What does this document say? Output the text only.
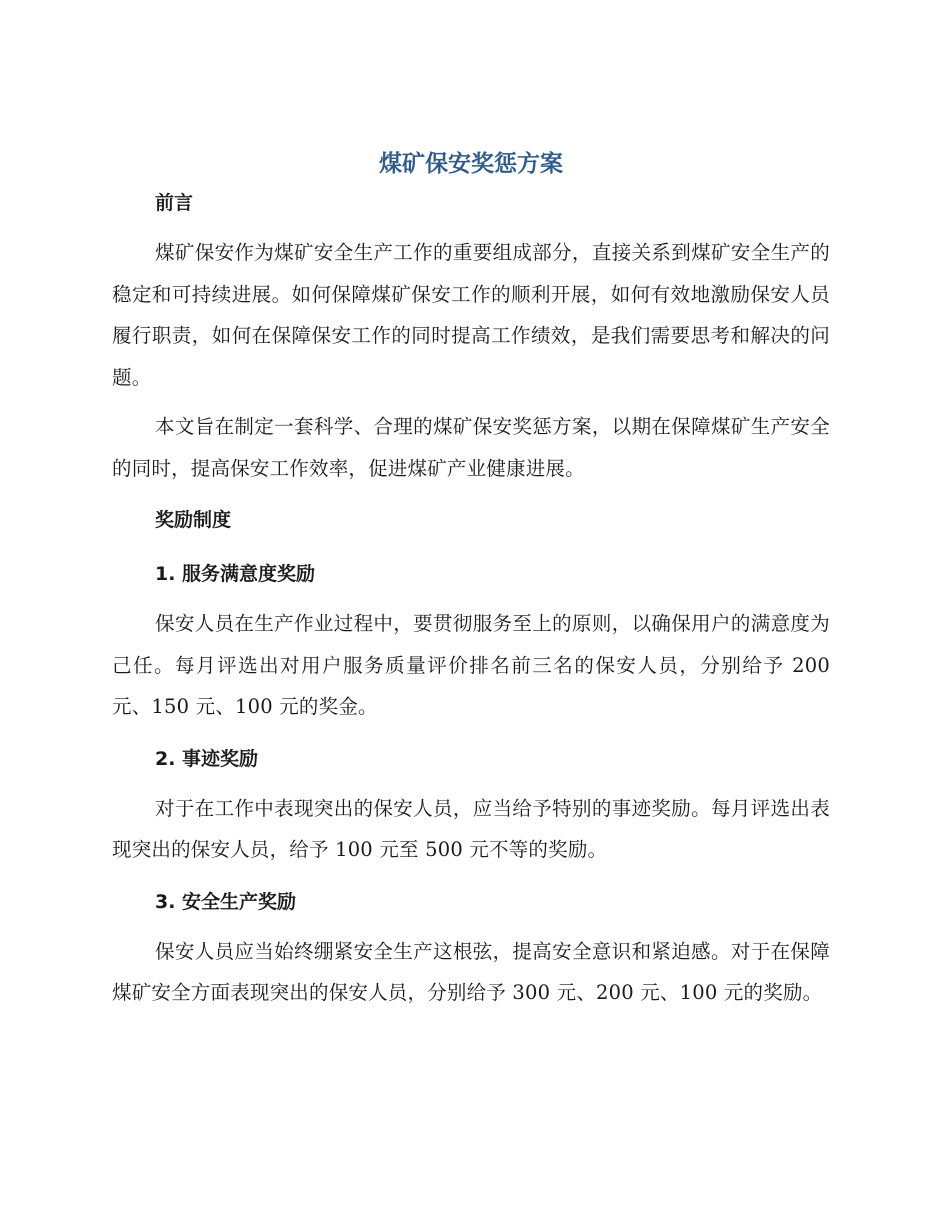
煤矿保安奖惩方案
前言

煤矿保安作为煤矿安全生产工作的重要组成部分，直接关系到煤矿安全生产的稳定和可持续进展。如何保障煤矿保安工作的顺利开展，如何有效地激励保安人员履行职责，如何在保障保安工作的同时提高工作绩效，是我们需要思考和解决的问题。

本文旨在制定一套科学、合理的煤矿保安奖惩方案，以期在保障煤矿生产安全的同时，提高保安工作效率，促进煤矿产业健康进展。

奖励制度
1. 服务满意度奖励

保安人员在生产作业过程中，要贯彻服务至上的原则，以确保用户的满意度为己任。每月评选出对用户服务质量评价排名前三名的保安人员，分别给予 200 元、150 元、100 元的奖金。

2. 事迹奖励

对于在工作中表现突出的保安人员，应当给予特别的事迹奖励。每月评选出表现突出的保安人员，给予 100 元至 500 元不等的奖励。

3. 安全生产奖励

保安人员应当始终绷紧安全生产这根弦，提高安全意识和紧迫感。对于在保障煤矿安全方面表现突出的保安人员，分别给予 300 元、200 元、100 元的奖励。
